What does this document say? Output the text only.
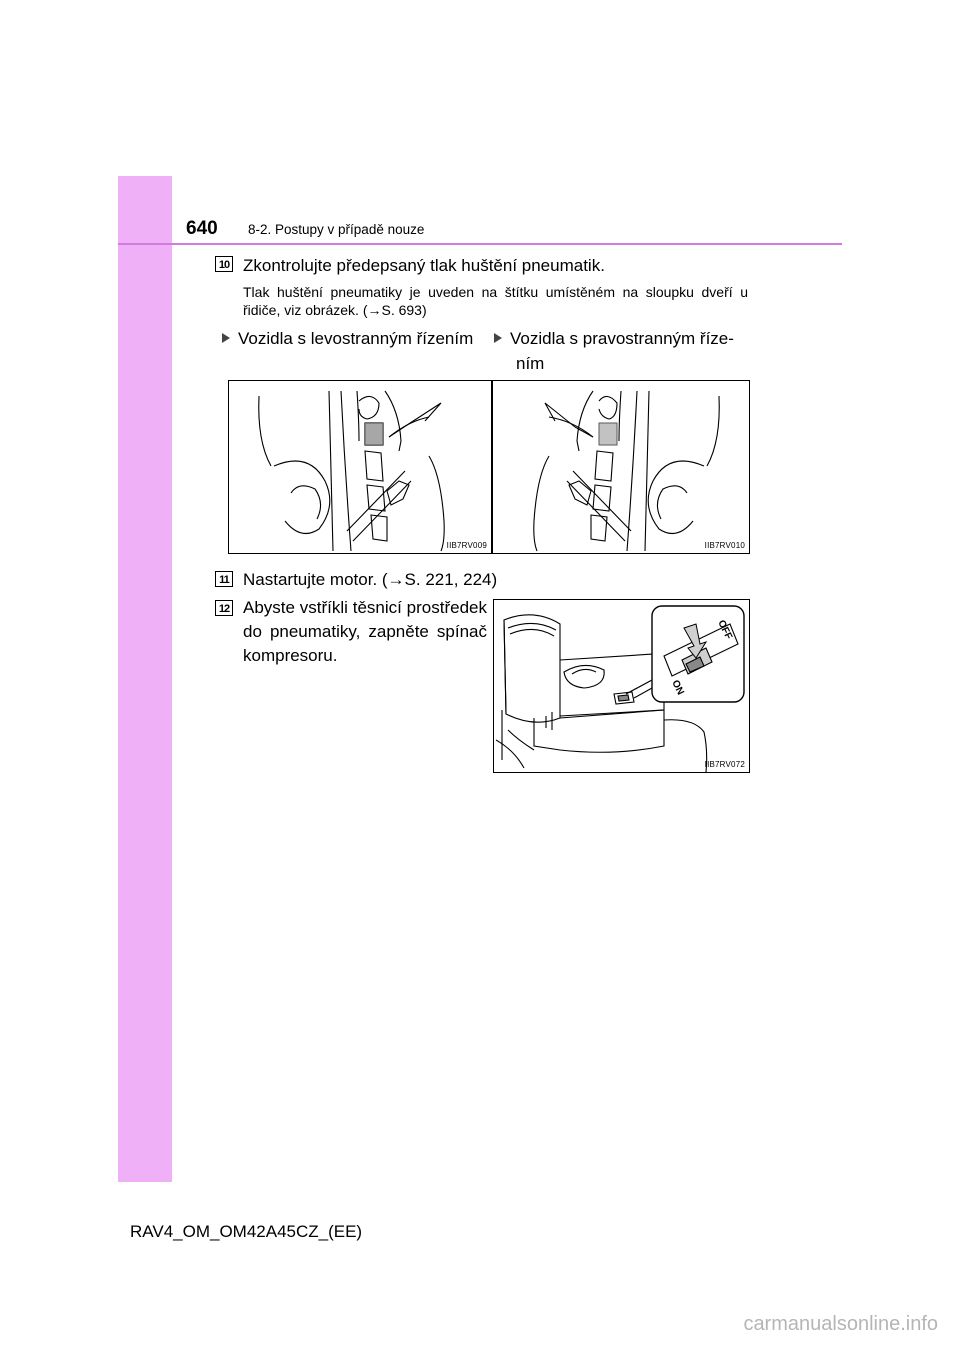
640 8-2. Postupy v případě nouze
10 Zkontrolujte předepsaný tlak huštění pneumatik.
Tlak huštění pneumatiky je uveden na štítku umístěném na sloupku dveří u řidiče, viz obrázek. (→S. 693)
Vozidla s levostranným řízením	Vozidla s pravostranným říze-
ním
IIB7RV009	IIB7RV010
11 Nastartujte motor. (→S. 221, 224)
12 Abyste vstříkli těsnicí prostředek
do pneumatiky, zapněte spínač
kompresoru.
ON
OFF
IIB7RV072
RAV4_OM_OM42A45CZ_(EE)
carmanualsonline.info
